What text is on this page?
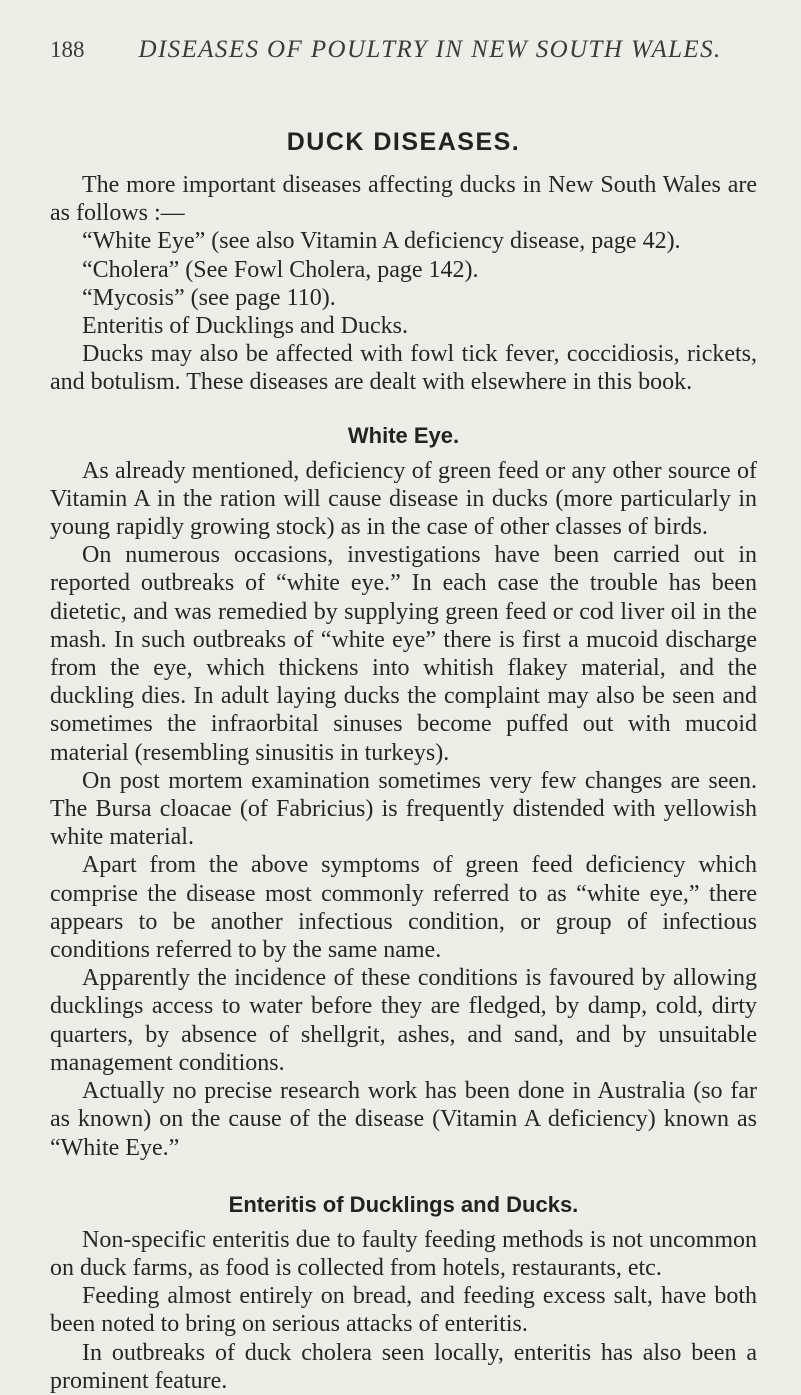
188 DISEASES OF POULTRY IN NEW SOUTH WALES.
DUCK DISEASES.

The more important diseases affecting ducks in New South Wales are as follows :—

“White Eye” (see also Vitamin A deficiency disease, page 42).

“Cholera” (See Fowl Cholera, page 142).

“Mycosis” (see page 110).

Enteritis of Ducklings and Ducks.

Ducks may also be affected with fowl tick fever, coccidiosis, rickets, and botulism. These diseases are dealt with elsewhere in this book.

White Eye.

As already mentioned, deficiency of green feed or any other source of Vitamin A in the ration will cause disease in ducks (more particularly in young rapidly growing stock) as in the case of other classes of birds.

On numerous occasions, investigations have been carried out in reported outbreaks of “white eye.” In each case the trouble has been dietetic, and was remedied by supplying green feed or cod liver oil in the mash. In such outbreaks of “white eye” there is first a mucoid discharge from the eye, which thickens into whitish flakey material, and the duckling dies. In adult laying ducks the complaint may also be seen and sometimes the infraorbital sinuses become puffed out with mucoid material (resembling sinusitis in turkeys).

On post mortem examination sometimes very few changes are seen. The Bursa cloacae (of Fabricius) is frequently distended with yellowish white material.

Apart from the above symptoms of green feed deficiency which comprise the disease most commonly referred to as “white eye,” there appears to be another infectious condition, or group of infectious conditions referred to by the same name.

Apparently the incidence of these conditions is favoured by allowing ducklings access to water before they are fledged, by damp, cold, dirty quarters, by absence of shellgrit, ashes, and sand, and by unsuitable management conditions.

Actually no precise research work has been done in Australia (so far as known) on the cause of the disease (Vitamin A deficiency) known as “White Eye.”

Enteritis of Ducklings and Ducks.

Non-specific enteritis due to faulty feeding methods is not uncommon on duck farms, as food is collected from hotels, restaurants, etc.

Feeding almost entirely on bread, and feeding excess salt, have both been noted to bring on serious attacks of enteritis.

In outbreaks of duck cholera seen locally, enteritis has also been a prominent feature.
